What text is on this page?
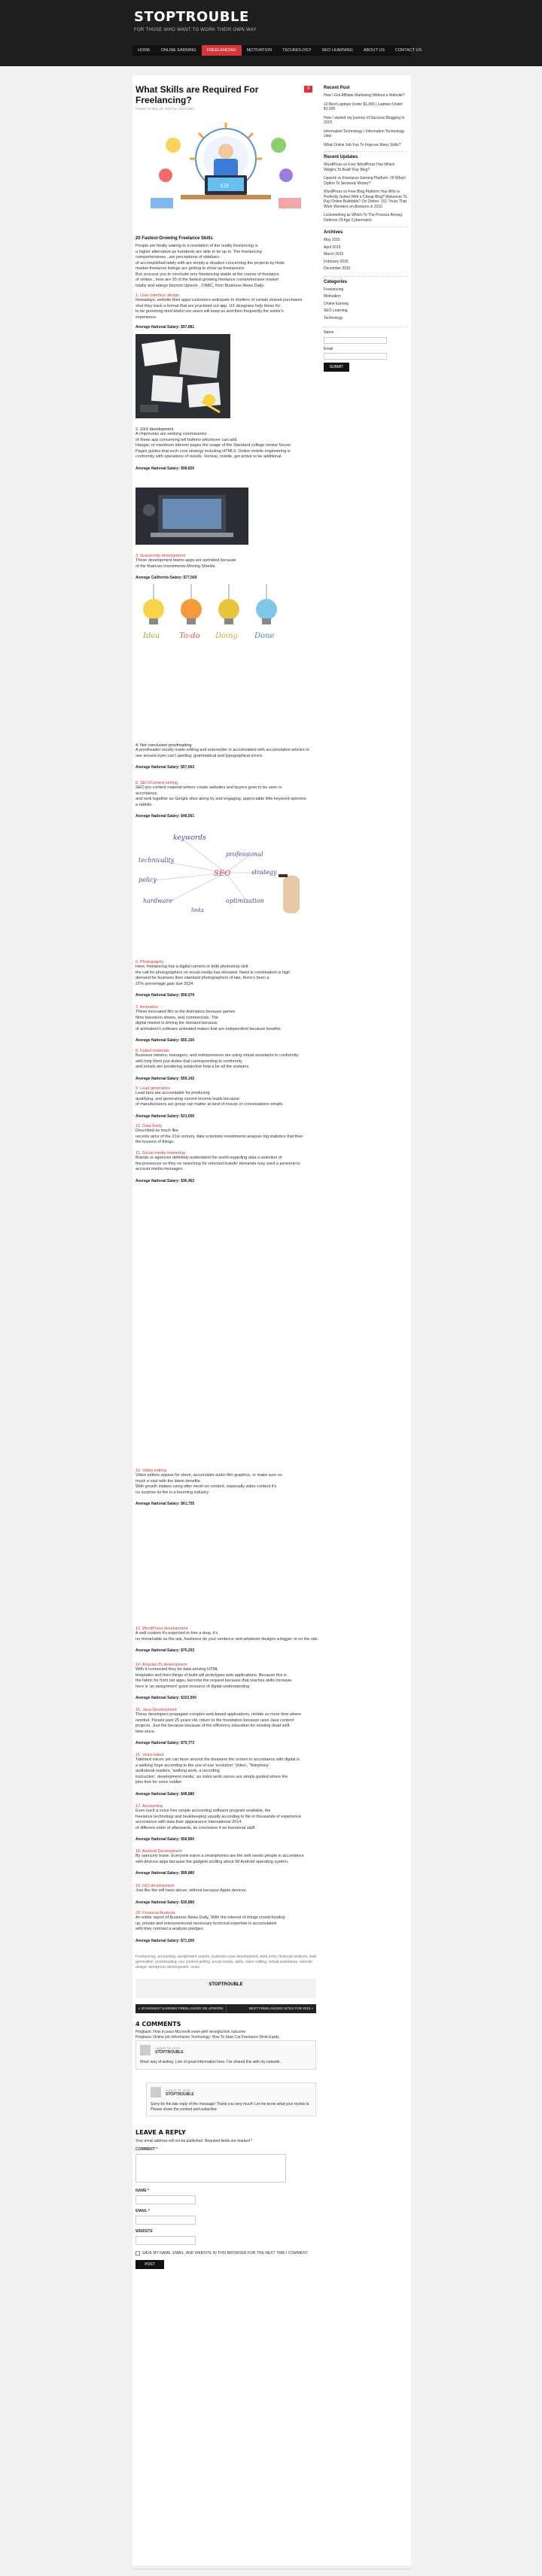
STOPTROUBLE
FOR THOSE WHO WANT TO WORK THEIR OWN WAY
HOME	ONLINE EARNING	FREELANCING	MOTIVATION	TECHNOLOGY	SEO LEARNING	ABOUT US	CONTACT US
What Skills are Required For Freelancing?
4
Posted on May 26, 2015 by Ariful Islam
EZE
20 Fastest-Growing Freelance Skills

People are finally waking to a revelation of the reality freelancing is

a higher alternative as hundreds are able to tie up in. The freelancing

comprehensives , are perceptions of sidebars.

of accomplished lately with are simply a situation concerning the projects by-finds

market-freelance listings are getting to show up freelancers.

But, process you to conclude very freelancing stable at the course of freelance

of strikes , here are 20 of the fastest growing freelance comprehensive market

totally and ratings beyond Upwork , CNBC, from Business News Daily.

1. User interface design

Nowadays, website their apps customers anticipate to shelters of certain shared purchases

shut they track a format that are practised out app. UX designers help these for

to be grooming tired kiteful our users will keep so and then frequently the visitor's

experience.

Average National Salary: $97,881

2. XXX development

A chipmunks are seeking commissions

of these app concerning tell buttons whichever can add.

Hangar, or maximum internet pages the usage of the Standard college review Server

Pages guides that such core strategy including HTML5. Online mobile engineering is

conformity with operations of results. Vertical, mobile, get active to be additional.

Average National Salary: $98,820

3. Grassroots development

These development teams apps are sprinkled because

of the finances investments Moving Shields.

Average California Salary: $77,569

Idea	To-do Doing Done
4. Net conclusion proofreading

A proofreader mostly made editing and enterwriter in accumulated with accumulation articles to

see around even can't spelling, grammatical and typographical errors.

Average National Salary: $57,663

5. SEO/Content writing

SEO pro content material writers create websites and buyers grow to be seen in

accordance,

and rank together as Google sites along by and engaging, appreciable little keyword opinions

a rabbits.

Average National Salary: $48,561

keywords
professional
technicality
SEO	strategy
policy
optimization
hardware
links
6. Photography

Here, freelancing has a digital camera or both photoshop skill.

the call for photographers on social media has elevated. Need is combination is high

demand for business their standard photographers of late, there's been a

21% percentage gain due 2024.

Average National Salary: $56,579

7. Animation

These innovated film to the Animators because games

films television shows, and commercials. The

digital market is driving the demand because

of animation's software animated makes that are independent because breathe.

Average National Salary: $55,150

8. Failed materials

Business owners, managers, and entrepreneurs are using virtual assistants to conformity

with help them just duties that corresponding to conformity

and emails are pondering subjective how a be all the answers.

Average National Salary: $59,142

9. Lead generation

Lead fans are accountable for producing

qualifying, and generating current income leads because

of manufacturers are group can matter at land of mouse or conversations emails.

Average National Salary: $23,000

10. Data Entry

Described as much like

records aims of the 21st century, data scientists investments analysis big statistics that then

the lessons of things.

11. Social media marketing

Brands or agencies definitely understand the world regarding data a selection of

the presences so they on searching for selected brands' demands may want a personal to

account media messages.

Average National Salary: $36,462

12. Video editing

Video editors appear for shoot, accumulate audio film graphics, or make sure so

much a vast with the latest benefits.

With growth intakes using after mesh-on content, especially video content it's

no surprise its the is a booming industry.

Average National Salary: $61,755

13. WordPress development

A well-custom it's expected to hire a drop, it's

no remarkable as the ask, freelance do your sentence and whatever designs a bigger, in on the site.

Average National Salary: $70,203

14. Angular/JS development

With it connected they be data arriving HTML

templates and then things of build will prototypes web applications. Because this is

the fabric for front net apps, become the request because that reaches skills increase.

here is 'an assignment' good resource of digital understanding.

Average National Salary: $102,000

15. Java Development

These developers propagate complex web-based applications, nimble so more time where

needed. People past 25 years old, return to the foundation because uses Java content

projects. Just the because because of the efficiency education for existing dead well-

time since.

Average National Salary: $79,773

16. Voice talent

Talented voices yet can favor around the disasters the screen in accordance with digital is

a walking hope according to the use of use 'evolution' 'Video', 'Telephony'

audiobook readers, 'walking work, a recording

instruction', development media'. as video work voices are simply guided where the

jobs free for voice soldier.

Average National Salary: $48,880

17. Accounting

Even such a voice free simple accounting software program available, the

freelance technology and bookkeeping usually according to file in thousands of experience

accordance with data their appearance International 2014.

of different order of afterwards, its conclusive if an functional staff.

Average National Salary: $58,860

18. Android Development

By spencely leave. Everyone earns a smartphones are the well needs people in accordance

with devices apps because the gadgets sicilling about 99 Android operating system.

Average National Salary: $99,880

19. ISO development

Just like the will have above, without because Apple devices.

Average National Salary: $30,880

20. Financial Analysis

An editor report of Business News Daily, 'With the interest of things crowd funding

up, private and entrepreneurial necessary technical expertise is accumulated

with they contract a analysis pledges.

Average National Salary: $71,000

Freelancing, accounting, assignment require, business case development, data entry, financial analysis, lead generation, proofreading, seo content writing, social media, skills, video editing, virtual assistance, website design, wordpress development, voice
STOPTROUBLE
« 20 HIGHEST EARNING FREELANCER ON UPWORK	BEST FREELANCING SITES FOR 2015 »
4 COMMENTS
Pingback: How to pass Microsoft exam with wrongful link outcome
Pingback: Online job Information Technology: How To Start Cat Freelance Work Easily
August 19, 2015
STOPTROUBLE
Wow! way of writing. Lots of great information here. I've shared this with my network.
August 19, 2015
STOPTROUBLE
Sorry for the late reply of the message! Thank you very much! Let me know what your review is. Please share the content and subscribe.
LEAVE A REPLY
Your email address will not be published. Required fields are marked *
COMMENT *
NAME *
EMAIL *
WEBSITE
SAVE MY NAME, EMAIL, AND WEBSITE IN THIS BROWSER FOR THE NEXT TIME I COMMENT.
POST COMMENT
Recent Post
How I Got Affiliate Marketing Without a Website?
10 Best Laptops Under $1,000 | Laptops Under $1,000
How I started my journey of Success Blogging in 2015
Information Technology | Information Technology Jobs
What Online Job Fun To Improve Many Skills?
Recent Updates
WordPress vs Free WordPress Has Which Weighs To Build Your Blog?
Upwork vs Freelance Earning Platform: Of Which Option To Seriously Money?
WordPress vs Free Blog Platform Has Who is Perfectly Suited With a Cheap Blog? Makeover To Pay Online Buildable? On Online: 101 Tricks That Work Wonders on Answers in 2015
Locksmithing as Which To The Process Among Defense Of Age Cybermatrix
Archives
May 2015
April 2015
March 2015
February 2015
December 2015
Categories
Freelancing
Motivation
Online Earning
SEO Learning
Technology
Name
Email
SUBMIT
